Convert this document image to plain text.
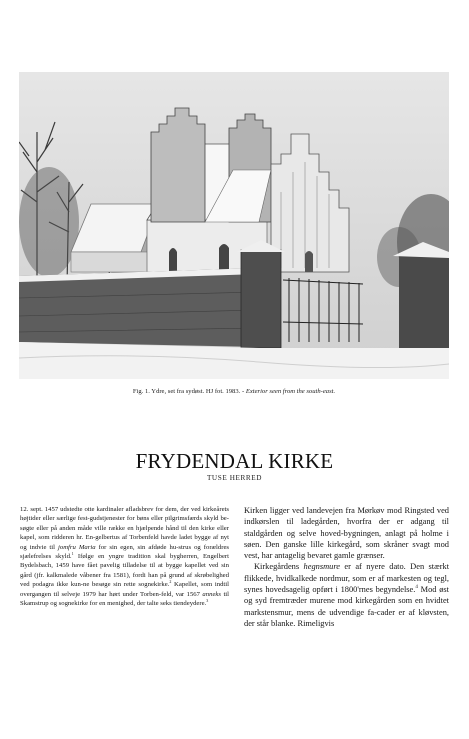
Fig. 1. Ydre, set fra sydøst. HJ fot. 1983. - Exterior seen from the south-east.
FRYDENDAL KIRKE
TUSE HERRED

12. sept. 1457 udstedte otte kardinaler afladsbrev for dem, der ved kirkeårets højtider eller særlige fest-gudstjenester for bøns eller pilgrimsfærds skyld be-søgte eller på anden måde ville række en hjælpende hånd til den kirke eller kapel, som ridderen hr. En-gelbertus af Torbenfeld havde ladet bygge af nyt og indvie til jomfru Maria for sin egen, sin afdøde hu-strus og forældres sjælefrelses skyld.$^1$ Ifølge en yngre tradition skal bygherren, Engelbert Bydelsbach, 1459 have fået pavelig tilladelse til at bygge kapellet ved sin gård (jfr. kalkmalede våbener fra 1581), fordi han på grund af skrøbelighed ved podagra ikke kun-ne besøge sin rette sognekirke.$^2$ Kapellet, som indtil overgangen til selveje 1979 har hørt under Torben-feld, var 1567 anneks til Skamstrup og sognekirke for en menighed, der talte seks tiendeydere.$^3$

Kirken ligger ved landevejen fra Mørkøv mod Ringsted ved indkørslen til ladegården, hvorfra der er adgang til staldgården og selve hoved-bygningen, anlagt på holme i søen. Den ganske lille kirkegård, som skråner svagt mod vest, har antagelig bevaret gamle grænser.

Kirkegårdens hegnsmure er af nyere dato. Den stærkt flikkede, hvidkalkede nordmur, som er af markesten og tegl, synes hovedsagelig opført i 1800'rnes begyndelse.$^4$ Mod øst og syd fremtræder murene mod kirkegården som en hvidtet markstensmur, mens de udvendige fa-cader er af kløvsten, der står blanke. Rimeligvis
